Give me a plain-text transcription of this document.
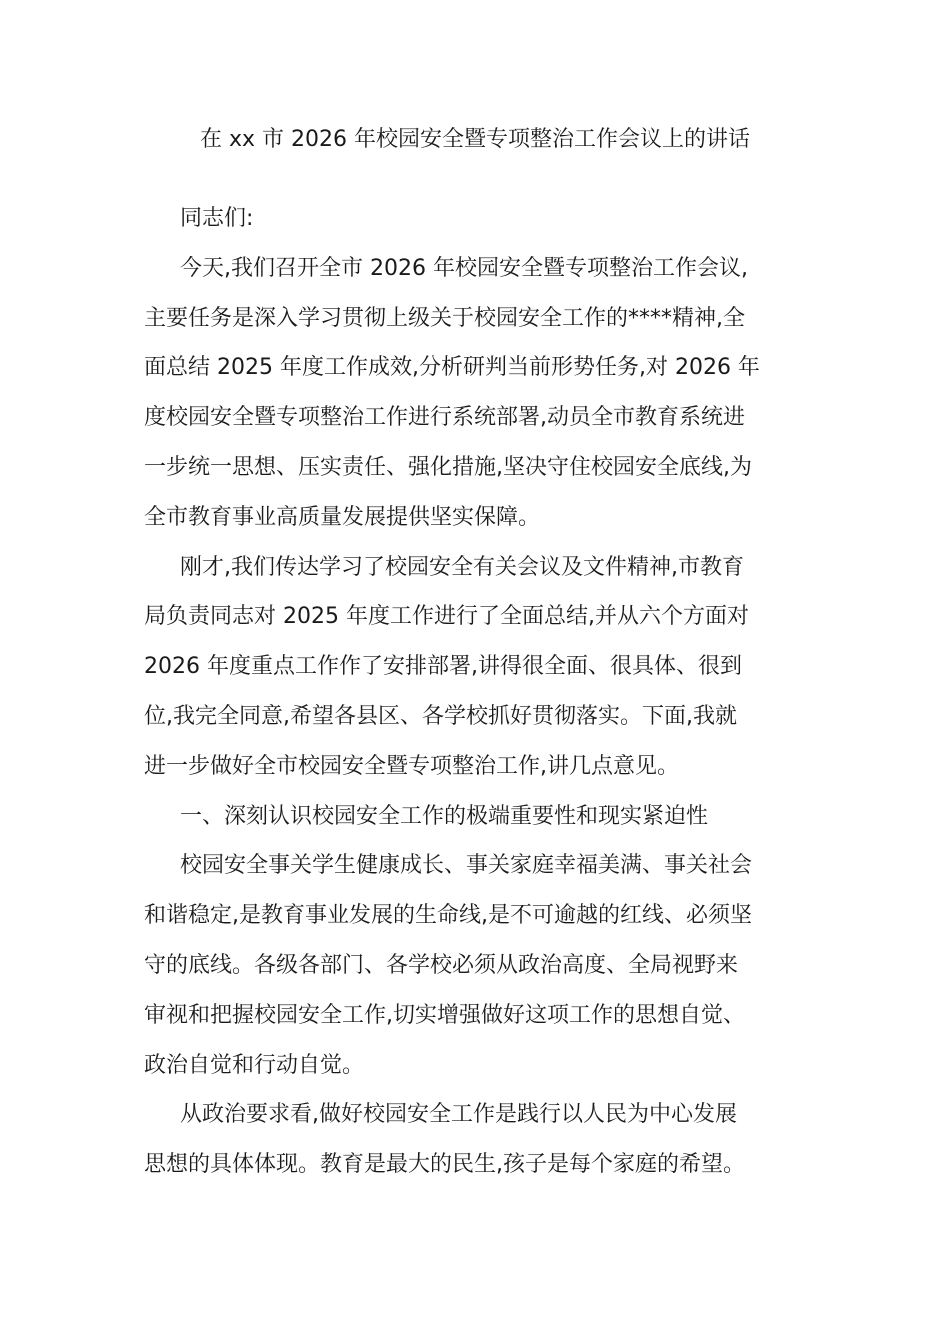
在 xx 市 2026 年校园安全暨专项整治工作会议上的讲话
同志们:
今天,我们召开全市 2026 年校园安全暨专项整治工作会议,
主要任务是深入学习贯彻上级关于校园安全工作的****精神,全
面总结 2025 年度工作成效,分析研判当前形势任务,对 2026 年
度校园安全暨专项整治工作进行系统部署,动员全市教育系统进
一步统一思想、压实责任、强化措施,坚决守住校园安全底线,为
全市教育事业高质量发展提供坚实保障。
刚才,我们传达学习了校园安全有关会议及文件精神,市教育
局负责同志对 2025 年度工作进行了全面总结,并从六个方面对
2026 年度重点工作作了安排部署,讲得很全面、很具体、很到
位,我完全同意,希望各县区、各学校抓好贯彻落实。下面,我就
进一步做好全市校园安全暨专项整治工作,讲几点意见。
一、深刻认识校园安全工作的极端重要性和现实紧迫性
校园安全事关学生健康成长、事关家庭幸福美满、事关社会
和谐稳定,是教育事业发展的生命线,是不可逾越的红线、必须坚
守的底线。各级各部门、各学校必须从政治高度、全局视野来
审视和把握校园安全工作,切实增强做好这项工作的思想自觉、
政治自觉和行动自觉。
从政治要求看,做好校园安全工作是践行以人民为中心发展
思想的具体体现。教育是最大的民生,孩子是每个家庭的希望。
